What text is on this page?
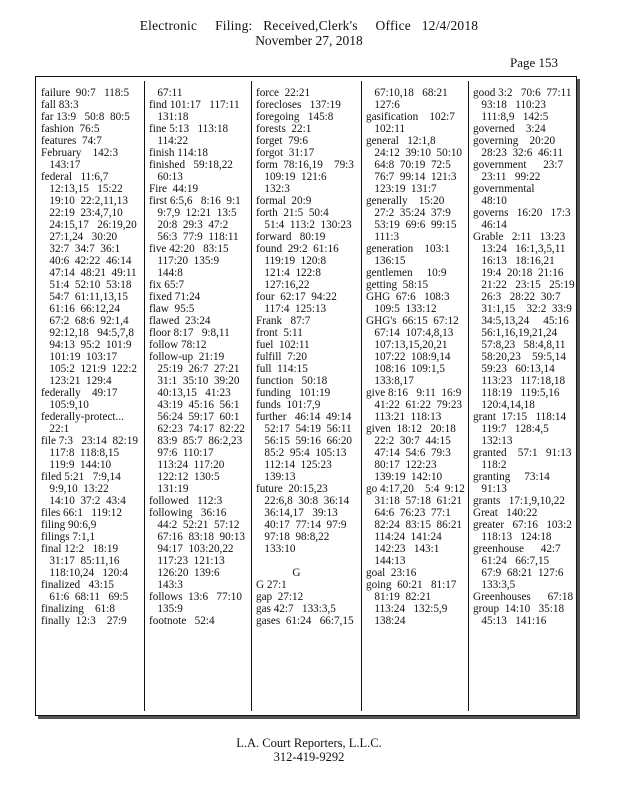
Electronic     Filing:   Received,Clerk's     Office   12/4/2018
November 27, 2018
Page 153
failure  90:7   118:5
fall 83:3
far 13:9   50:8  80:5
fashion  76:5
features  74:7
February    142:3
143:17
federal   11:6,7
12:13,15   15:22
19:10  22:2,11,13
22:19  23:4,7,10
24:15,17   26:19,20
27:1,24   30:20
32:7  34:7  36:1
40:6  42:22  46:14
47:14  48:21  49:11
51:4  52:10  53:18
54:7  61:11,13,15
61:16  66:12,24
67:2  68:6  92:1,4
92:12,18   94:5,7,8
94:13  95:2  101:9
101:19  103:17
105:2  121:9  122:2
123:21  129:4
federally    49:17
105:9,10
federally-protect...
22:1
file 7:3   23:14  82:19
117:8  118:8,15
119:9  144:10
filed 5:21   7:9,14
9:9,10  13:22
14:10  37:2  43:4
files 66:1   119:12
filing 90:6,9
filings 7:1,1
final 12:2   18:19
31:17  85:11,16
118:10,24   120:4
finalized   43:15
61:6  68:11   69:5
finalizing    61:8
finally  12:3    27:9
67:11
find 101:17   117:11
131:18
fine 5:13   113:18
114:22
finish 114:18
finished   59:18,22
60:13
Fire  44:19
first 6:5,6   8:16  9:1
9:7,9  12:21  13:5
20:8  29:3  47:2
56:3  77:9  118:11
five 42:20   83:15
117:20  135:9
144:8
fix 65:7
fixed 71:24
flaw  95:5
flawed  23:24
floor 8:17   9:8,11
follow 78:12
follow-up  21:19
25:19  26:7  27:21
31:1  35:10  39:20
40:13,15   41:23
43:19  45:16  56:1
56:24  59:17  60:1
62:23  74:17  82:22
83:9  85:7  86:2,23
97:6  110:17
113:24  117:20
122:12  130:5
131:19
followed   112:3
following   36:16
44:2  52:21  57:12
67:16  83:18  90:13
94:17  103:20,22
117:23  121:13
126:20  139:6
143:3
follows  13:6   77:10
135:9
footnote   52:4
force  22:21
forecloses   137:19
foregoing   145:8
forests  22:1
forget  79:6
forgot  31:17
form  78:16,19    79:3
109:19  121:6
132:3
formal  20:9
forth  21:5  50:4
51:4  113:2  130:23
forward   80:19
found  29:2  61:16
119:19  120:8
121:4  122:8
127:16,22
four  62:17  94:22
117:4  125:13
Frank   87:7
front  5:11
fuel  102:11
fulfill  7:20
full  114:15
function   50:18
funding   101:19
funds  101:7,9
further   46:14  49:14
52:17  54:19  56:11
56:15  59:16  66:20
85:2  95:4  105:13
112:14  125:23
139:13
future  20:15,23
22:6,8  30:8  36:14
36:14,17   39:13
40:17  77:14  97:9
97:18  98:8,22
133:10
G
G 27:1
gap  27:12
gas 42:7   133:3,5
gases  61:24   66:7,15
67:10,18   68:21
127:6
gasification    102:7
102:11
general   12:1,8
24:12  39:10  50:10
64:8  70:19  72:5
76:7  99:14  121:3
123:19  131:7
generally    15:20
27:2  35:24  37:9
53:19  69:6  99:15
111:3
generation    103:1
136:15
gentlemen     10:9
getting  58:15
GHG  67:6   108:3
109:5  133:12
GHG's  66:15  67:12
67:14  107:4,8,13
107:13,15,20,21
107:22  108:9,14
108:16  109:1,5
133:8,17
give 8:16   9:11  16:9
41:22  61:22  79:23
113:21  118:13
given  18:12   20:18
22:2  30:7  44:15
47:14  54:6  79:3
80:17  122:23
139:19  142:10
go 4:17,20    5:4  9:12
31:18  57:18  61:21
64:6  76:23  77:1
82:24  83:15  86:21
114:24  141:24
142:23   143:1
144:13
goal  23:16
going  60:21   81:17
81:19  82:21
113:24   132:5,9
138:24
good 3:2   70:6  77:11
93:18   110:23
111:8,9   142:5
governed    3:24
governing    20:20
28:23  32:6  46:11
government      23:7
23:11   99:22
governmental
48:10
governs   16:20   17:3
46:14
Grable   2:11   13:23
13:24   16:1,3,5,11
16:13   18:16,21
19:4  20:18  21:16
21:22   23:15   25:19
26:3   28:22  30:7
31:1,15    32:2  33:9
34:5,13,24     45:16
56:1,16,19,21,24
57:8,23   58:4,8,11
58:20,23    59:5,14
59:23   60:13,14
113:23   117:18,18
118:19   119:5,16
120:4,14,18
grant  17:15   118:14
119:7   128:4,5
132:13
granted    57:1   91:13
118:2
granting     73:14
91:13
grants   17:1,9,10,22
Great   140:22
greater   67:16   103:2
118:13   124:18
greenhouse      42:7
61:24   66:7,15
67:9  68:21  127:6
133:3,5
Greenhouses      67:18
group  14:10   35:18
45:13   141:16
L.A. Court Reporters, L.L.C.
312-419-9292
